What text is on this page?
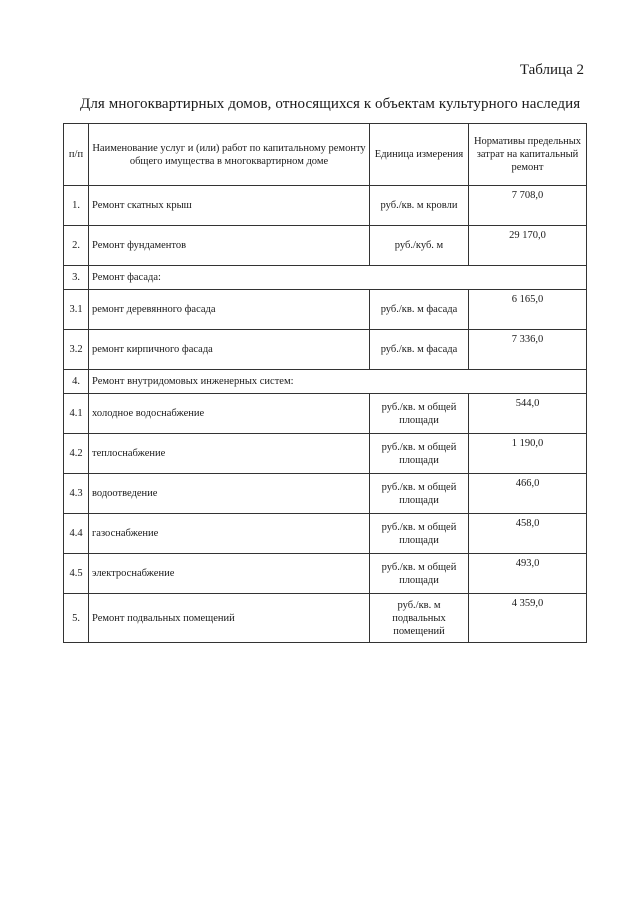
Таблица 2
Для многоквартирных домов, относящихся к объектам культурного наследия
п/п	Наименование услуг и (или) работ по капитальному ремонту общего имущества в многоквартирном доме	Единица измерения	Нормативы предельных затрат на капитальный ремонт
1.	Ремонт скатных крыш	руб./кв. м кровли	7 708,0
2.	Ремонт фундаментов	руб./куб. м	29 170,0
3.	Ремонт фасада:		
3.1	ремонт деревянного фасада	руб./кв. м фасада	6 165,0
3.2	ремонт кирпичного фасада	руб./кв. м фасада	7 336,0
4.	Ремонт внутридомовых инженерных систем:		
4.1	холодное водоснабжение	руб./кв. м общей площади	544,0
4.2	теплоснабжение	руб./кв. м общей площади	1 190,0
4.3	водоотведение	руб./кв. м общей площади	466,0
4.4	газоснабжение	руб./кв. м общей площади	458,0
4.5	электроснабжение	руб./кв. м общей площади	493,0
5.	Ремонт подвальных помещений	руб./кв. м подвальных помещений	4 359,0
